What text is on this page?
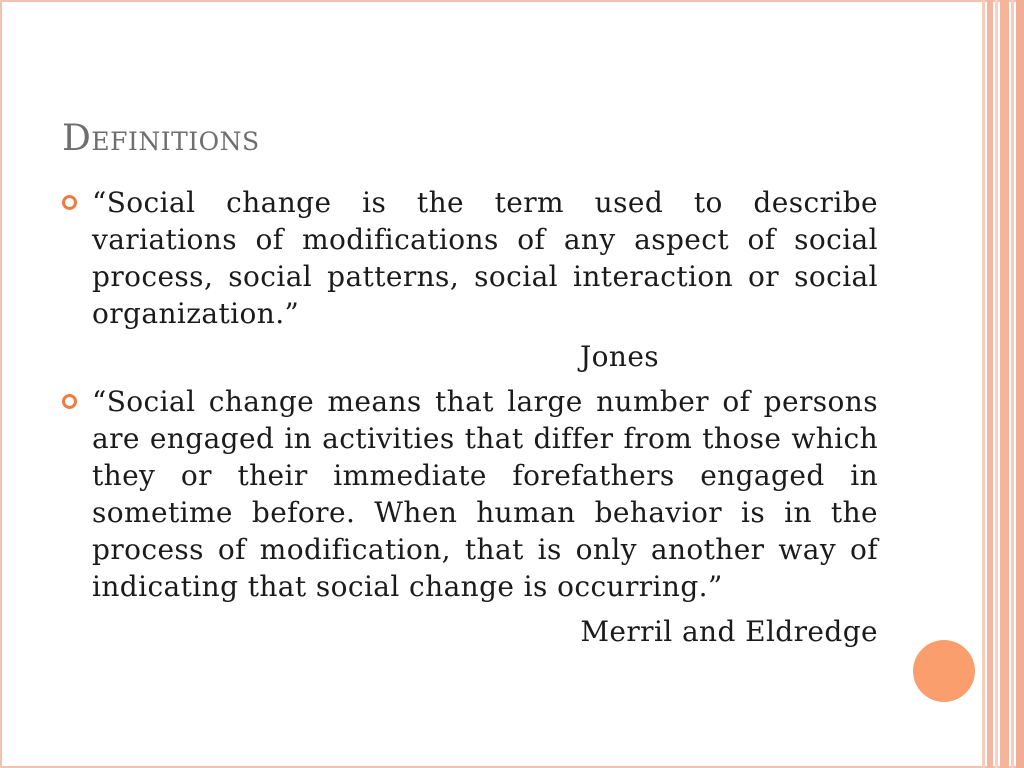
Definitions

“Social change is the term used to describe variations of modifications of any aspect of social process, social patterns, social interaction or social organization.”

Jones

“Social change means that large number of persons are engaged in activities that differ from those which they or their immediate forefathers engaged in sometime before. When human behavior is in the process of modification, that is only another way of indicating that social change is occurring.”

Merril and Eldredge
